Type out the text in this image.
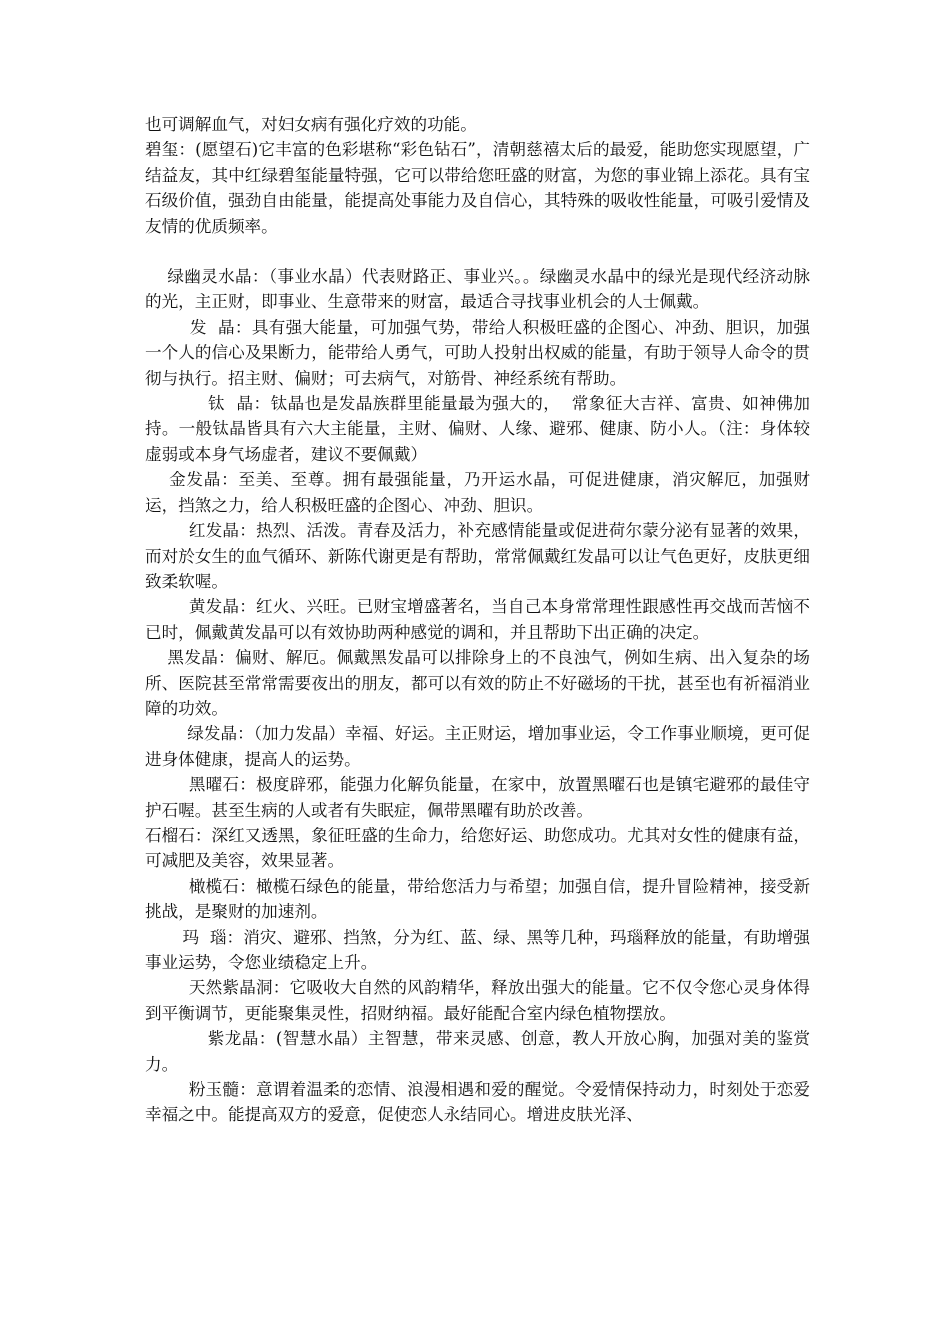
也可调解血气，对妇女病有强化疗效的功能。

碧玺：(愿望石)它丰富的色彩堪称“彩色钻石”，清朝慈禧太后的最爱，能助您实现愿望，广结益友，其中红绿碧玺能量特强，它可以带给您旺盛的财富，为您的事业锦上添花。具有宝石级价值，强劲自由能量，能提高处事能力及自信心，其特殊的吸收性能量，可吸引爱情及友情的优质频率。

绿幽灵水晶：（事业水晶）代表财路正、事业兴。。绿幽灵水晶中的绿光是现代经济动脉的光，主正财，即事业、生意带来的财富，最适合寻找事业机会的人士佩戴。

发  晶：具有强大能量，可加强气势，带给人积极旺盛的企图心、冲劲、胆识，加强一个人的信心及果断力，能带给人勇气，可助人投射出权威的能量，有助于领导人命令的贯彻与执行。招主财、偏财；可去病气，对筋骨、神经系统有帮助。

钛  晶：钛晶也是发晶族群里能量最为强大的，  常象征大吉祥、富贵、如神佛加持。一般钛晶皆具有六大主能量，主财、偏财、人缘、避邪、健康、防小人。（注：身体较虚弱或本身气场虚者，建议不要佩戴）

金发晶：至美、至尊。拥有最强能量，乃开运水晶，可促进健康，消灾解厄，加强财运，挡煞之力，给人积极旺盛的企图心、冲劲、胆识。

红发晶：热烈、活泼。青春及活力，补充感情能量或促进荷尔蒙分泌有显著的效果，而对於女生的血气循环、新陈代谢更是有帮助，常常佩戴红发晶可以让气色更好，皮肤更细致柔软喔。

黄发晶：红火、兴旺。已财宝增盛著名，当自己本身常常理性跟感性再交战而苦恼不已时，佩戴黄发晶可以有效协助两种感觉的调和，并且帮助下出正确的决定。

黑发晶：偏财、解厄。佩戴黑发晶可以排除身上的不良浊气，例如生病、出入复杂的场所、医院甚至常常需要夜出的朋友，都可以有效的防止不好磁场的干扰，甚至也有祈福消业障的功效。

绿发晶：（加力发晶）幸福、好运。主正财运，增加事业运，令工作事业顺境，更可促进身体健康，提高人的运势。

黑曜石：极度辟邪，能强力化解负能量，在家中，放置黑曜石也是镇宅避邪的最佳守护石喔。甚至生病的人或者有失眠症，佩带黑曜有助於改善。

石榴石：深红又透黑，象征旺盛的生命力，给您好运、助您成功。尤其对女性的健康有益，可减肥及美容，效果显著。

橄榄石：橄榄石绿色的能量，带给您活力与希望；加强自信，提升冒险精神，接受新挑战，是聚财的加速剂。

玛  瑙：消灾、避邪、挡煞，分为红、蓝、绿、黑等几种，玛瑙释放的能量，有助增强事业运势，令您业绩稳定上升。

天然紫晶洞：它吸收大自然的风韵精华，释放出强大的能量。它不仅令您心灵身体得到平衡调节，更能聚集灵性，招财纳福。最好能配合室内绿色植物摆放。

紫龙晶：(智慧水晶）主智慧，带来灵感、创意，教人开放心胸，加强对美的鉴赏力。

粉玉髓：意谓着温柔的恋情、浪漫相遇和爱的醒觉。令爱情保持动力，时刻处于恋爱幸福之中。能提高双方的爱意，促使恋人永结同心。增进皮肤光泽、
